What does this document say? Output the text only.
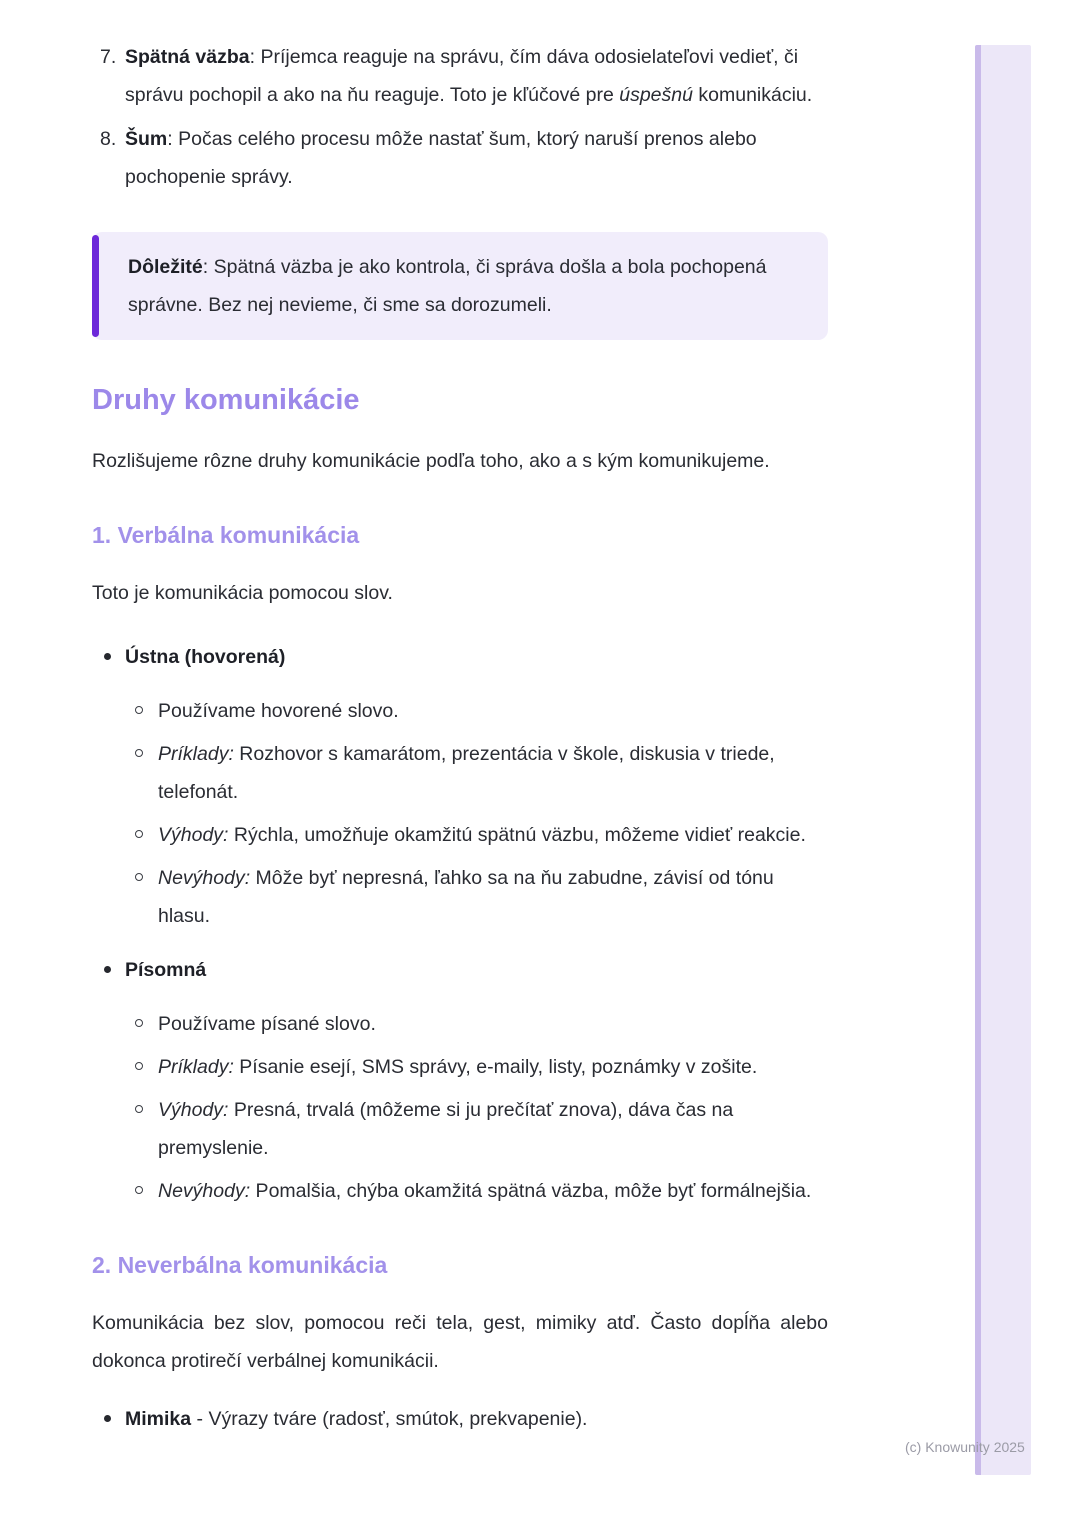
7. Spätná väzba: Príjemca reaguje na správu, čím dáva odosielateľovi vedieť, či správu pochopil a ako na ňu reaguje. Toto je kľúčové pre úspešnú komunikáciu.
8. Šum: Počas celého procesu môže nastať šum, ktorý naruší prenos alebo pochopenie správy.

Dôležité: Spätná väzba je ako kontrola, či správa došla a bola pochopená správne. Bez nej nevieme, či sme sa dorozumeli.

Druhy komunikácie

Rozlišujeme rôzne druhy komunikácie podľa toho, ako a s kým komunikujeme.

1. Verbálna komunikácia

Toto je komunikácia pomocou slov.

Ústna (hovorená)
Používame hovorené slovo.
Príklady: Rozhovor s kamarátom, prezentácia v škole, diskusia v triede, telefonát.
Výhody: Rýchla, umožňuje okamžitú spätnú väzbu, môžeme vidieť reakcie.
Nevýhody: Môže byť nepresná, ľahko sa na ňu zabudne, závisí od tónu hlasu.
Písomná
Používame písané slovo.
Príklady: Písanie esejí, SMS správy, e-maily, listy, poznámky v zošite.
Výhody: Presná, trvalá (môžeme si ju prečítať znova), dáva čas na premyslenie.
Nevýhody: Pomalšia, chýba okamžitá spätná väzba, môže byť formálnejšia.
2. Neverbálna komunikácia

Komunikácia bez slov, pomocou reči tela, gest, mimiky atď. Často dopĺňa alebo dokonca protirečí verbálnej komunikácii.

Mimika - Výrazy tváre (radosť, smútok, prekvapenie).
(c) Knowunity 2025
